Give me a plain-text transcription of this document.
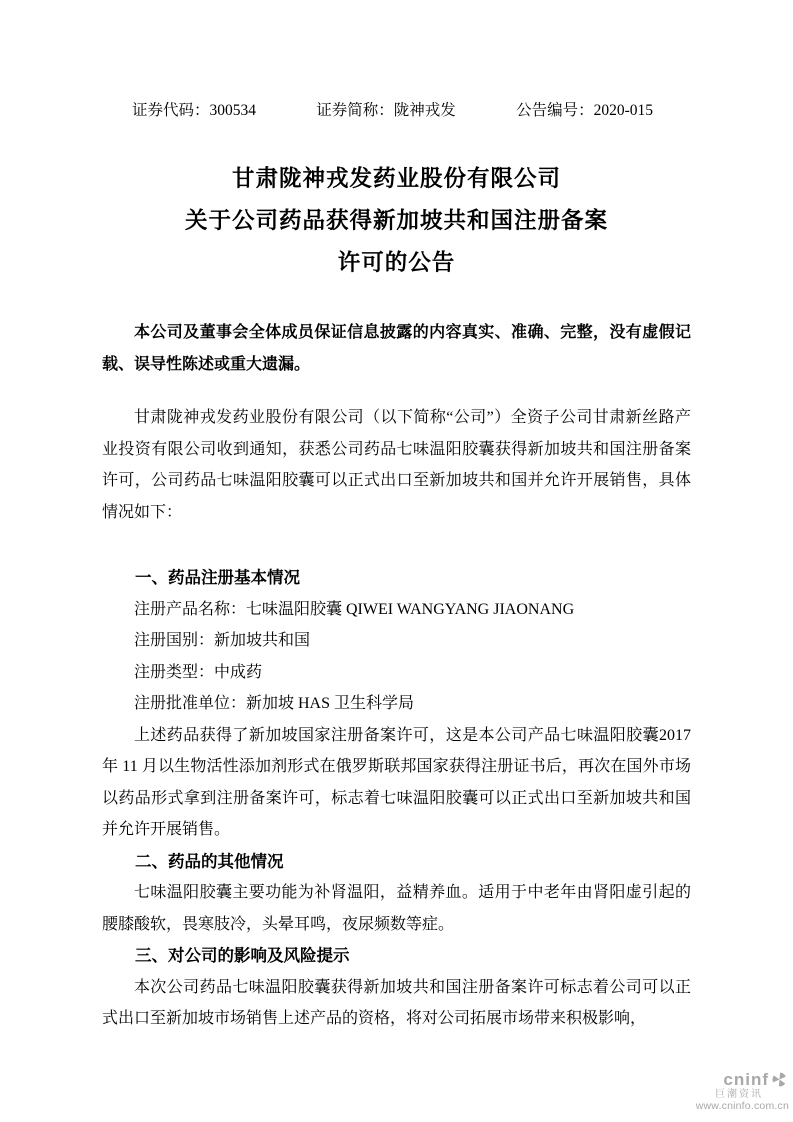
证券代码：300534	证券简称：陇神戎发	公告编号：2020-015
甘肃陇神戎发药业股份有限公司
关于公司药品获得新加坡共和国注册备案
许可的公告

本公司及董事会全体成员保证信息披露的内容真实、准确、完整，没有虚假记载、误导性陈述或重大遗漏。

甘肃陇神戎发药业股份有限公司（以下简称“公司”）全资子公司甘肃新丝路产业投资有限公司收到通知，获悉公司药品七味温阳胶囊获得新加坡共和国注册备案许可，公司药品七味温阳胶囊可以正式出口至新加坡共和国并允许开展销售，具体情况如下：

一、药品注册基本情况

注册产品名称：七味温阳胶囊 QIWEI WANGYANG JIAONANG

注册国别：新加坡共和国

注册类型：中成药

注册批准单位：新加坡 HAS 卫生科学局

上述药品获得了新加坡国家注册备案许可，这是本公司产品七味温阳胶囊2017 年 11 月以生物活性添加剂形式在俄罗斯联邦国家获得注册证书后，再次在国外市场以药品形式拿到注册备案许可，标志着七味温阳胶囊可以正式出口至新加坡共和国并允许开展销售。

二、药品的其他情况

七味温阳胶囊主要功能为补肾温阳，益精养血。适用于中老年由肾阳虚引起的腰膝酸软，畏寒肢冷，头晕耳鸣，夜尿频数等症。

三、对公司的影响及风险提示

本次公司药品七味温阳胶囊获得新加坡共和国注册备案许可标志着公司可以正式出口至新加坡市场销售上述产品的资格，将对公司拓展市场带来积极影响，

cninf
巨潮资讯
www.cninfo.com.cn
